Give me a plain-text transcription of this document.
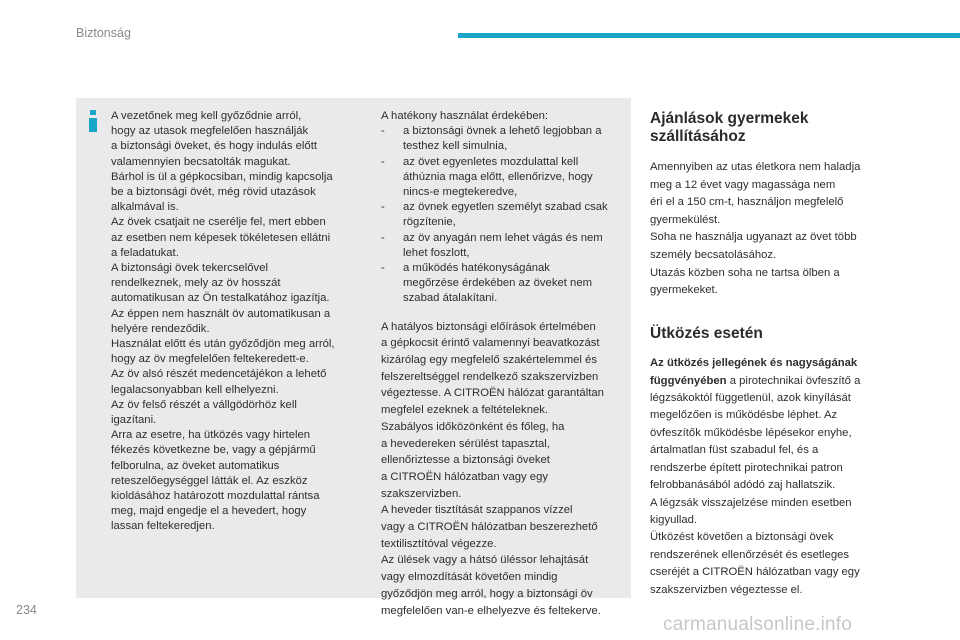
Biztonság

A vezetőnek meg kell győződnie arról,
hogy az utasok megfelelően használják
a biztonsági öveket, és hogy indulás előtt
valamennyien becsatolták magukat.
Bárhol is ül a gépkocsiban, mindig kapcsolja
be a biztonsági övét, még rövid utazások
alkalmával is.
Az övek csatjait ne cserélje fel, mert ebben
az esetben nem képesek tökéletesen ellátni
a feladatukat.
A biztonsági övek tekercselővel
rendelkeznek, mely az öv hosszát
automatikusan az Ön testalkatához igazítja.
Az éppen nem használt öv automatikusan a
helyére rendeződik.
Használat előtt és után győződjön meg arról,
hogy az öv megfelelően feltekeredett-e.
Az öv alsó részét medencetájékon a lehető
legalacsonyabban kell elhelyezni.
Az öv felső részét a vállgödörhöz kell
igazítani.
Arra az esetre, ha ütközés vagy hirtelen
fékezés következne be, vagy a gépjármű
felborulna, az öveket automatikus
reteszelőegységgel látták el. Az eszköz
kioldásához határozott mozdulattal rántsa
meg, majd engedje el a hevedert, hogy
lassan feltekeredjen.

A hatékony használat érdekében:

- a biztonsági övnek a lehető legjobban a
testhez kell simulnia,
- az övet egyenletes mozdulattal kell
áthúznia maga előtt, ellenőrizve, hogy
nincs-e megtekeredve,
- az övnek egyetlen személyt szabad csak
rögzítenie,
- az öv anyagán nem lehet vágás és nem
lehet foszlott,
- a működés hatékonyságának
megőrzése érdekében az öveket nem
szabad átalakítani.

A hatályos biztonsági előírások értelmében
a gépkocsit érintő valamennyi beavatkozást
kizárólag egy megfelelő szakértelemmel és
felszereltséggel rendelkező szakszervizben
végeztesse. A CITROËN hálózat garantáltan
megfelel ezeknek a feltételeknek.
Szabályos időközönként és főleg, ha
a hevedereken sérülést tapasztal,
ellenőriztesse a biztonsági öveket
a CITROËN hálózatban vagy egy
szakszervizben.
A heveder tisztítását szappanos vízzel
vagy a CITROËN hálózatban beszerezhető
textilisztítóval végezze.
Az ülések vagy a hátsó üléssor lehajtását
vagy elmozdítását követően mindig
győződjön meg arról, hogy a biztonsági öv
megfelelően van-e elhelyezve és feltekerve.

Ajánlások gyermekek
szállításához

Amennyiben az utas életkora nem haladja
meg a 12 évet vagy magassága nem
éri el a 150 cm-t, használjon megfelelő
gyermekülést.
Soha ne használja ugyanazt az övet több
személy becsatolásához.
Utazás közben soha ne tartsa ölben a
gyermekeket.

Ütközés esetén

Az ütközés jellegének és nagyságának
függvényében a pirotechnikai övfeszítő a
légzsákoktól függetlenül, azok kinyílását
megelőzően is működésbe léphet. Az
övfeszítők működésbe lépésekor enyhe,
ártalmatlan füst szabadul fel, és a
rendszerbe épített pirotechnikai patron
felrobbanásából adódó zaj hallatszik.
A légzsák visszajelzése minden esetben
kigyullad.
Ütközést követően a biztonsági övek
rendszerének ellenőrzését és esetleges
cseréjét a CITROËN hálózatban vagy egy
szakszervizben végeztesse el.

234
carmanualsonline.info
